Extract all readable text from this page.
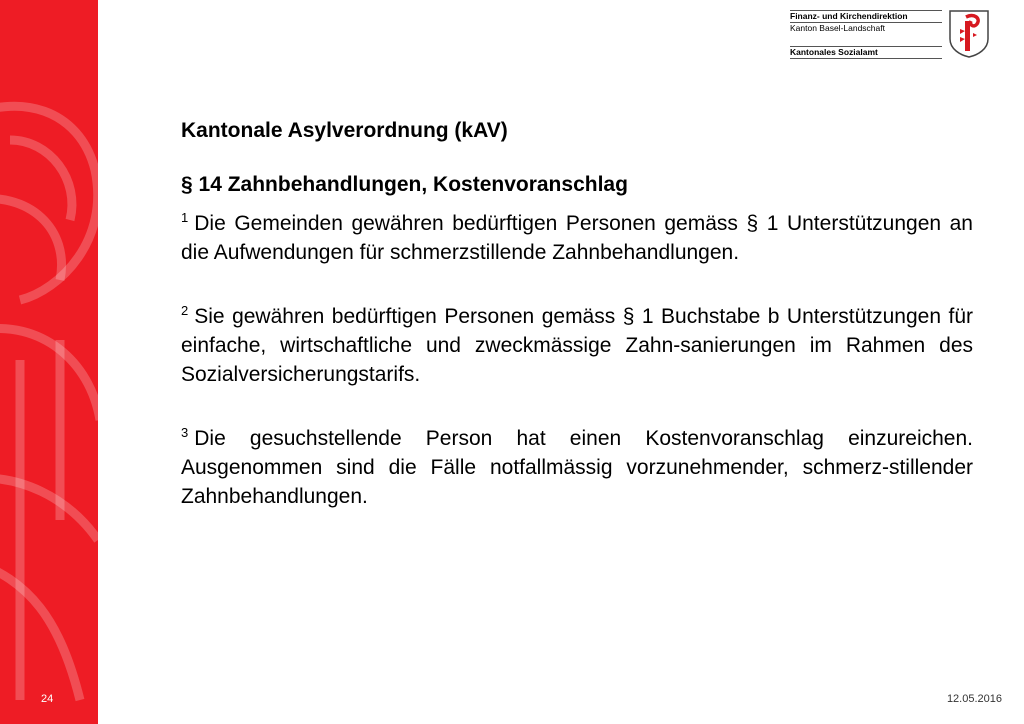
Finanz- und Kirchendirektion
Kanton Basel-Landschaft
Kantonales Sozialamt
Kantonale Asylverordnung (kAV)
§ 14 Zahnbehandlungen, Kostenvoranschlag

$^1$ Die Gemeinden gewähren bedürftigen Personen gemäss § 1 Unterstützungen an die Aufwendungen für schmerzstillende Zahnbehandlungen.

$^2$ Sie gewähren bedürftigen Personen gemäss § 1 Buchstabe b Unterstützungen für einfache, wirtschaftliche und zweckmässige Zahn-sanierungen im Rahmen des Sozialversicherungstarifs.

$^3$ Die gesuchstellende Person hat einen Kostenvoranschlag einzureichen. Ausgenommen sind die Fälle notfallmässig vorzunehmender, schmerz-stillender Zahnbehandlungen.

24	12.05.2016
